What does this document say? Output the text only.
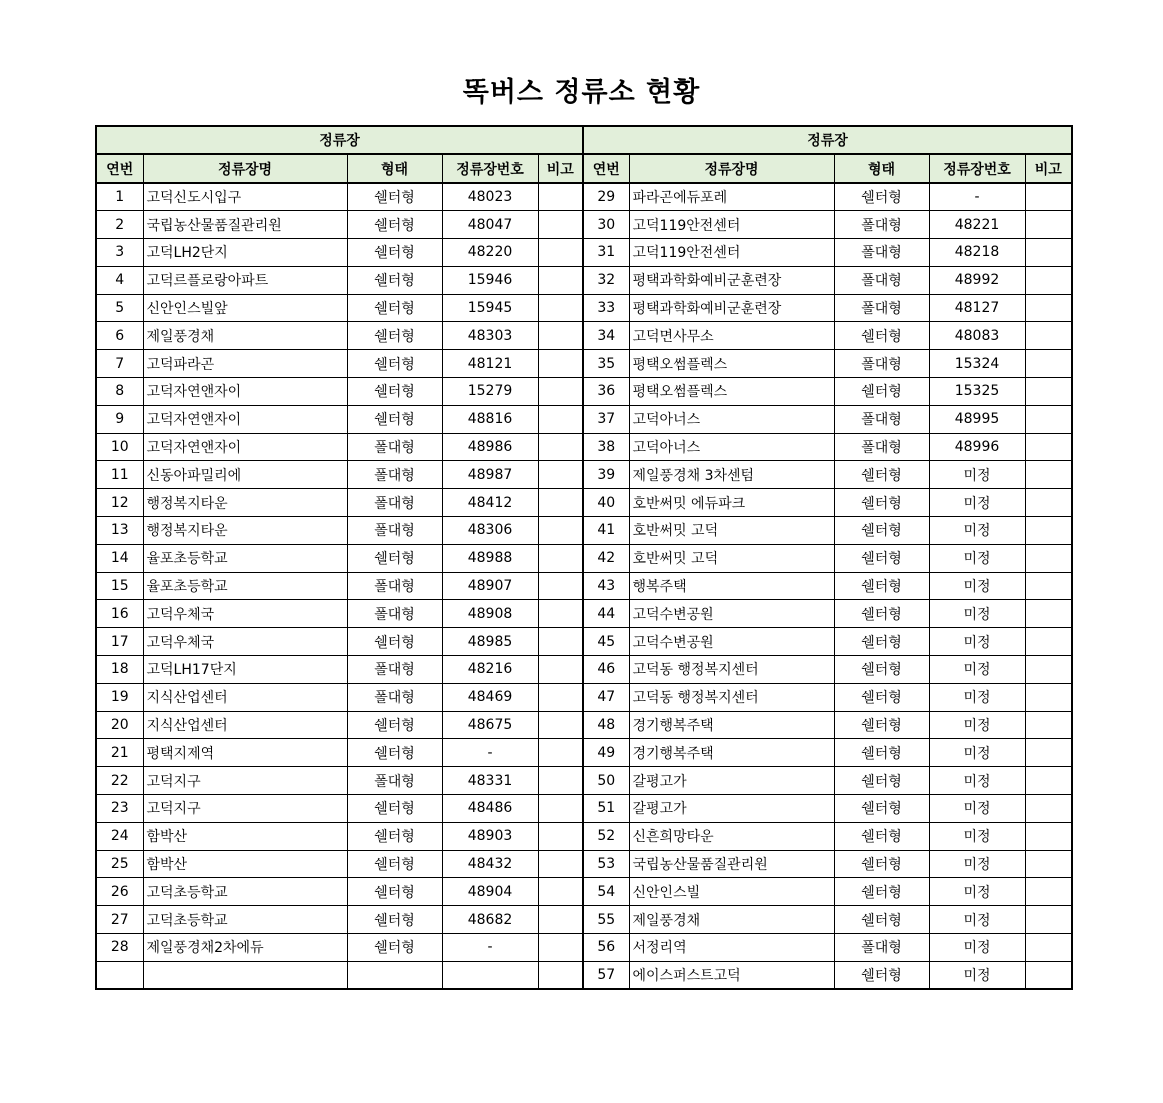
똑버스 정류소 현황
정류장					정류장				
연번	정류장명	형태	정류장번호	비고	연번	정류장명	형태	정류장번호	비고
1	고덕신도시입구	쉘터형	48023		29	파라곤에듀포레	쉘터형	-	
2	국립농산물품질관리원	쉘터형	48047		30	고덕119안전센터	폴대형	48221	
3	고덕LH2단지	쉘터형	48220		31	고덕119안전센터	폴대형	48218	
4	고덕르플로랑아파트	쉘터형	15946		32	평택과학화예비군훈련장	폴대형	48992	
5	신안인스빌앞	쉘터형	15945		33	평택과학화예비군훈련장	폴대형	48127	
6	제일풍경채	쉘터형	48303		34	고덕면사무소	쉘터형	48083	
7	고덕파라곤	쉘터형	48121		35	평택오썸플렉스	폴대형	15324	
8	고덕자연앤자이	쉘터형	15279		36	평택오썸플렉스	쉘터형	15325	
9	고덕자연앤자이	쉘터형	48816		37	고덕아너스	폴대형	48995	
10	고덕자연앤자이	폴대형	48986		38	고덕아너스	폴대형	48996	
11	신동아파밀리에	폴대형	48987		39	제일풍경채 3차센텀	쉘터형	미정	
12	행정복지타운	폴대형	48412		40	호반써밋 에듀파크	쉘터형	미정	
13	행정복지타운	폴대형	48306		41	호반써밋 고덕	쉘터형	미정	
14	율포초등학교	쉘터형	48988		42	호반써밋 고덕	쉘터형	미정	
15	율포초등학교	폴대형	48907		43	행복주택	쉘터형	미정	
16	고덕우체국	폴대형	48908		44	고덕수변공원	쉘터형	미정	
17	고덕우체국	쉘터형	48985		45	고덕수변공원	쉘터형	미정	
18	고덕LH17단지	폴대형	48216		46	고덕동 행정복지센터	쉘터형	미정	
19	지식산업센터	폴대형	48469		47	고덕동 행정복지센터	쉘터형	미정	
20	지식산업센터	쉘터형	48675		48	경기행복주택	쉘터형	미정	
21	평택지제역	쉘터형	-		49	경기행복주택	쉘터형	미정	
22	고덕지구	폴대형	48331		50	갈평고가	쉘터형	미정	
23	고덕지구	쉘터형	48486		51	갈평고가	쉘터형	미정	
24	함박산	쉘터형	48903		52	신흔희망타운	쉘터형	미정	
25	함박산	쉘터형	48432		53	국립농산물품질관리원	쉘터형	미정	
26	고덕초등학교	쉘터형	48904		54	신안인스빌	쉘터형	미정	
27	고덕초등학교	쉘터형	48682		55	제일풍경채	쉘터형	미정	
28	제일풍경채2차에듀	쉘터형	-		56	서정리역	폴대형	미정	
					57	에이스퍼스트고덕	쉘터형	미정	
